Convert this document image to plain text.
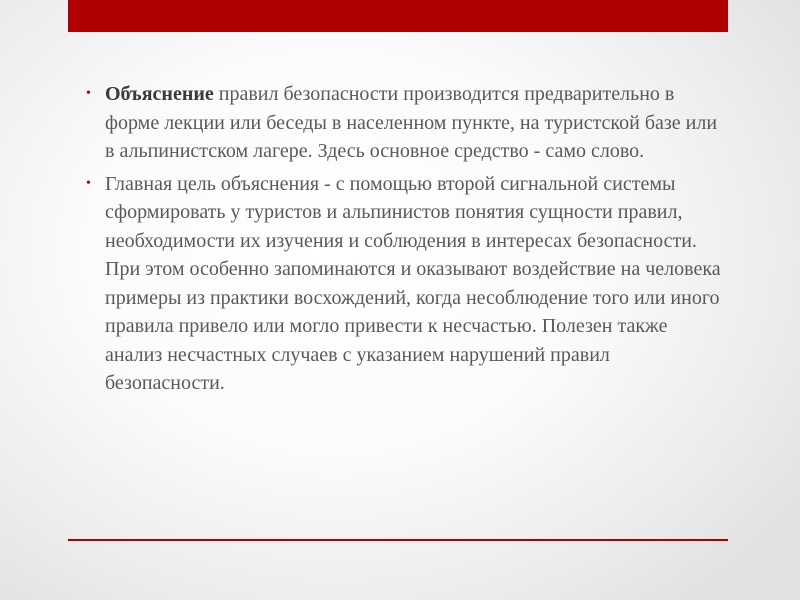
• Объяснение правил безопасности производится предварительно в форме лекции или беседы в населенном пункте, на туристской базе или в альпинистском лагере. Здесь основное средство - само слово.
• Главная цель объяснения - с помощью второй сигнальной системы сформировать у туристов и альпинистов понятия сущности правил, необходимости их изучения и соблюдения в интересах безопасности. При этом особенно запоминаются и оказывают воздействие на человека примеры из практики восхождений, когда несоблюдение того или иного правила привело или могло привести к несчастью. Полезен также анализ несчастных случаев с указанием нарушений правил безопасности.
